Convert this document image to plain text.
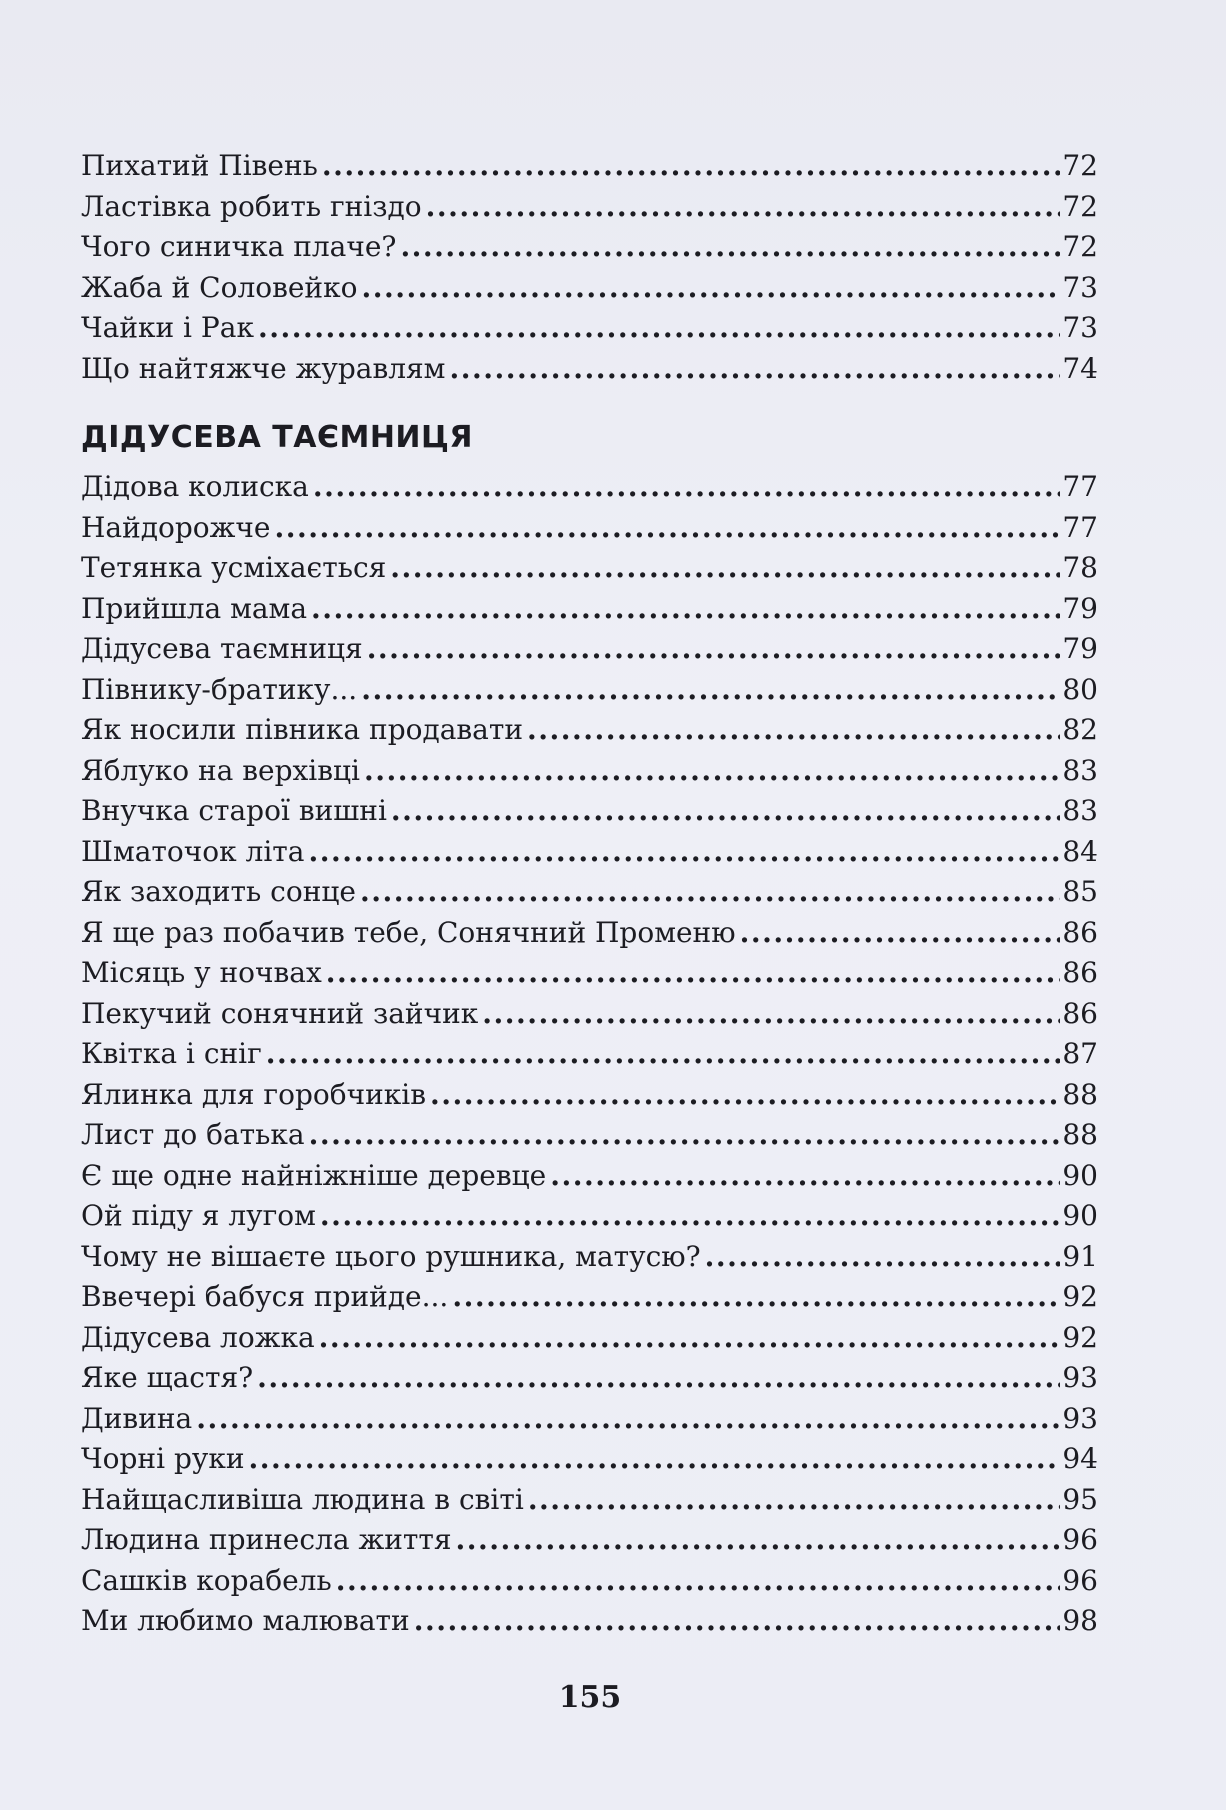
Пихатий Півень .....	72
Ластівка робить гніздо .....	72
Чого синичка плаче? .....	72
Жаба й Соловейко .....	73
Чайки і Рак .....	73
Що найтяжче журавлям .....	74
ДІДУСЕВА ТАЄМНИЦЯ
Дідова колиска .....	77
Найдорожче .....	77
Тетянка усміхається .....	78
Прийшла мама .....	79
Дідусева таємниця .....	79
Півнику-братику... .....	80
Як носили півника продавати .....	82
Яблуко на верхівці .....	83
Внучка старої вишні .....	83
Шматочок літа .....	84
Як заходить сонце .....	85
Я ще раз побачив тебе, Сонячний Променю .....	86
Місяць у ночвах .....	86
Пекучий сонячний зайчик .....	86
Квітка і сніг .....	87
Ялинка для горобчиків .....	88
Лист до батька .....	88
Є ще одне найніжніше деревце .....	90
Ой піду я лугом .....	90
Чому не вішаєте цього рушника, матусю? .....	91
Ввечері бабуся прийде... .....	92
Дідусева ложка .....	92
Яке щастя? .....	93
Дивина .....	93
Чорні руки .....	94
Найщасливіша людина в світі .....	95
Людина принесла життя .....	96
Сашків корабель .....	96
Ми любимо малювати .....	98
155
